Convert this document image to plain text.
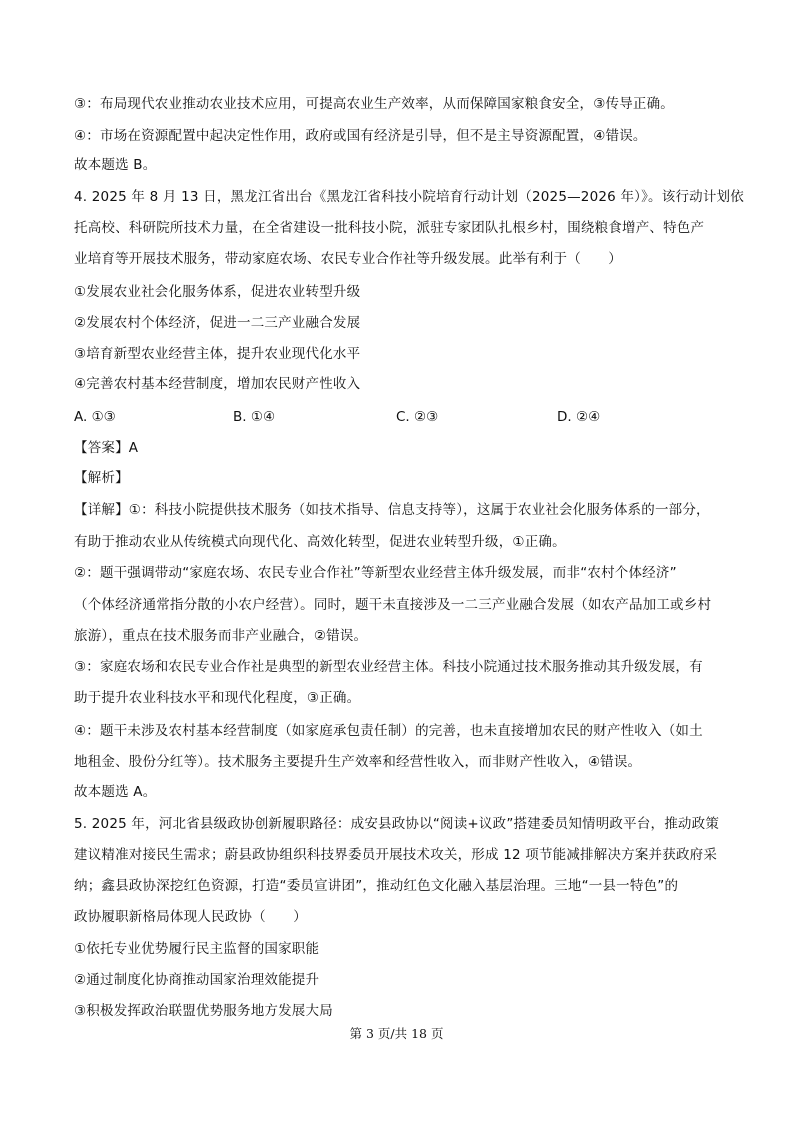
③：布局现代农业推动农业技术应用，可提高农业生产效率，从而保障国家粮食安全，③传导正确。
④：市场在资源配置中起决定性作用，政府或国有经济是引导，但不是主导资源配置，④错误。
故本题选 B。
4. 2025 年 8 月 13 日，黑龙江省出台《黑龙江省科技小院培育行动计划（2025—2026 年）》。该行动计划依
托高校、科研院所技术力量，在全省建设一批科技小院，派驻专家团队扎根乡村，围绕粮食增产、特色产
业培育等开展技术服务，带动家庭农场、农民专业合作社等升级发展。此举有利于（　　）
①发展农业社会化服务体系，促进农业转型升级
②发展农村个体经济，促进一二三产业融合发展
③培育新型农业经营主体，提升农业现代化水平
④完善农村基本经营制度，增加农民财产性收入
A. ①③	B. ①④	C. ②③	D. ②④
【答案】A
【解析】
【详解】①：科技小院提供技术服务（如技术指导、信息支持等），这属于农业社会化服务体系的一部分，
有助于推动农业从传统模式向现代化、高效化转型，促进农业转型升级，①正确。
②：题干强调带动“家庭农场、农民专业合作社”等新型农业经营主体升级发展，而非“农村个体经济”
（个体经济通常指分散的小农户经营）。同时，题干未直接涉及一二三产业融合发展（如农产品加工或乡村
旅游），重点在技术服务而非产业融合，②错误。
③：家庭农场和农民专业合作社是典型的新型农业经营主体。科技小院通过技术服务推动其升级发展，有
助于提升农业科技水平和现代化程度，③正确。
④：题干未涉及农村基本经营制度（如家庭承包责任制）的完善，也未直接增加农民的财产性收入（如土
地租金、股份分红等）。技术服务主要提升生产效率和经营性收入，而非财产性收入，④错误。
故本题选 A。
5. 2025 年，河北省县级政协创新履职路径：成安县政协以“阅读+议政”搭建委员知情明政平台，推动政策
建议精准对接民生需求；蔚县政协组织科技界委员开展技术攻关，形成 12 项节能减排解决方案并获政府采
纳；鑫县政协深挖红色资源，打造“委员宣讲团”，推动红色文化融入基层治理。三地“一县一特色”的
政协履职新格局体现人民政协（　　）
①依托专业优势履行民主监督的国家职能
②通过制度化协商推动国家治理效能提升
③积极发挥政治联盟优势服务地方发展大局
第 3 页/共 18 页
